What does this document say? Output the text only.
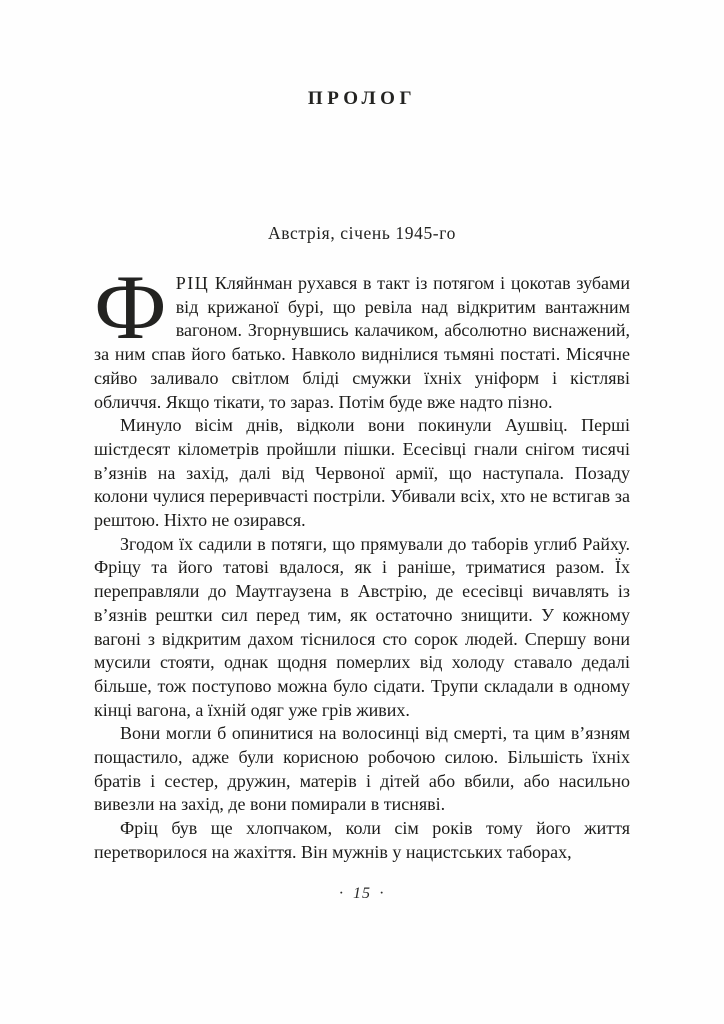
ПРОЛОГ
Австрія, січень 1945-го

Ф РІЦ Кляйнман рухався в такт із потягом і цокотав зубами від крижаної бурі, що ревіла над відкритим вантажним вагоном. Згорнувшись калачиком, абсолютно виснажений, за ним спав його батько. Навколо виднілися тьмяні постаті. Місячне сяйво заливало світлом бліді смужки їхніх уніформ і кістляві обличчя. Якщо тікати, то зараз. Потім буде вже надто пізно.

Минуло вісім днів, відколи вони покинули Аушвіц. Перші шістдесят кілометрів пройшли пішки. Есесівці гнали снігом тисячі в’язнів на захід, далі від Червоної армії, що наступала. Позаду колони чулися переривчасті постріли. Убивали всіх, хто не встигав за рештою. Ніхто не озирався.

Згодом їх садили в потяги, що прямували до таборів углиб Райху. Фріцу та його татові вдалося, як і раніше, триматися разом. Їх переправляли до Маутгаузена в Австрію, де есесівці вичавлять із в’язнів рештки сил перед тим, як остаточно знищити. У кожному вагоні з відкритим дахом тіснилося сто сорок людей. Спершу вони мусили стояти, однак щодня померлих від холоду ставало дедалі більше, тож поступово можна було сідати. Трупи складали в одному кінці вагона, а їхній одяг уже грів живих.

Вони могли б опинитися на волосинці від смерті, та цим в’язням пощастило, адже були корисною робочою силою. Більшість їхніх братів і сестер, дружин, матерів і дітей або вбили, або насильно вивезли на захід, де вони помирали в тисняві.

Фріц був ще хлопчаком, коли сім років тому його життя перетворилося на жахіття. Він мужнів у нацистських таборах,

· 15 ·
